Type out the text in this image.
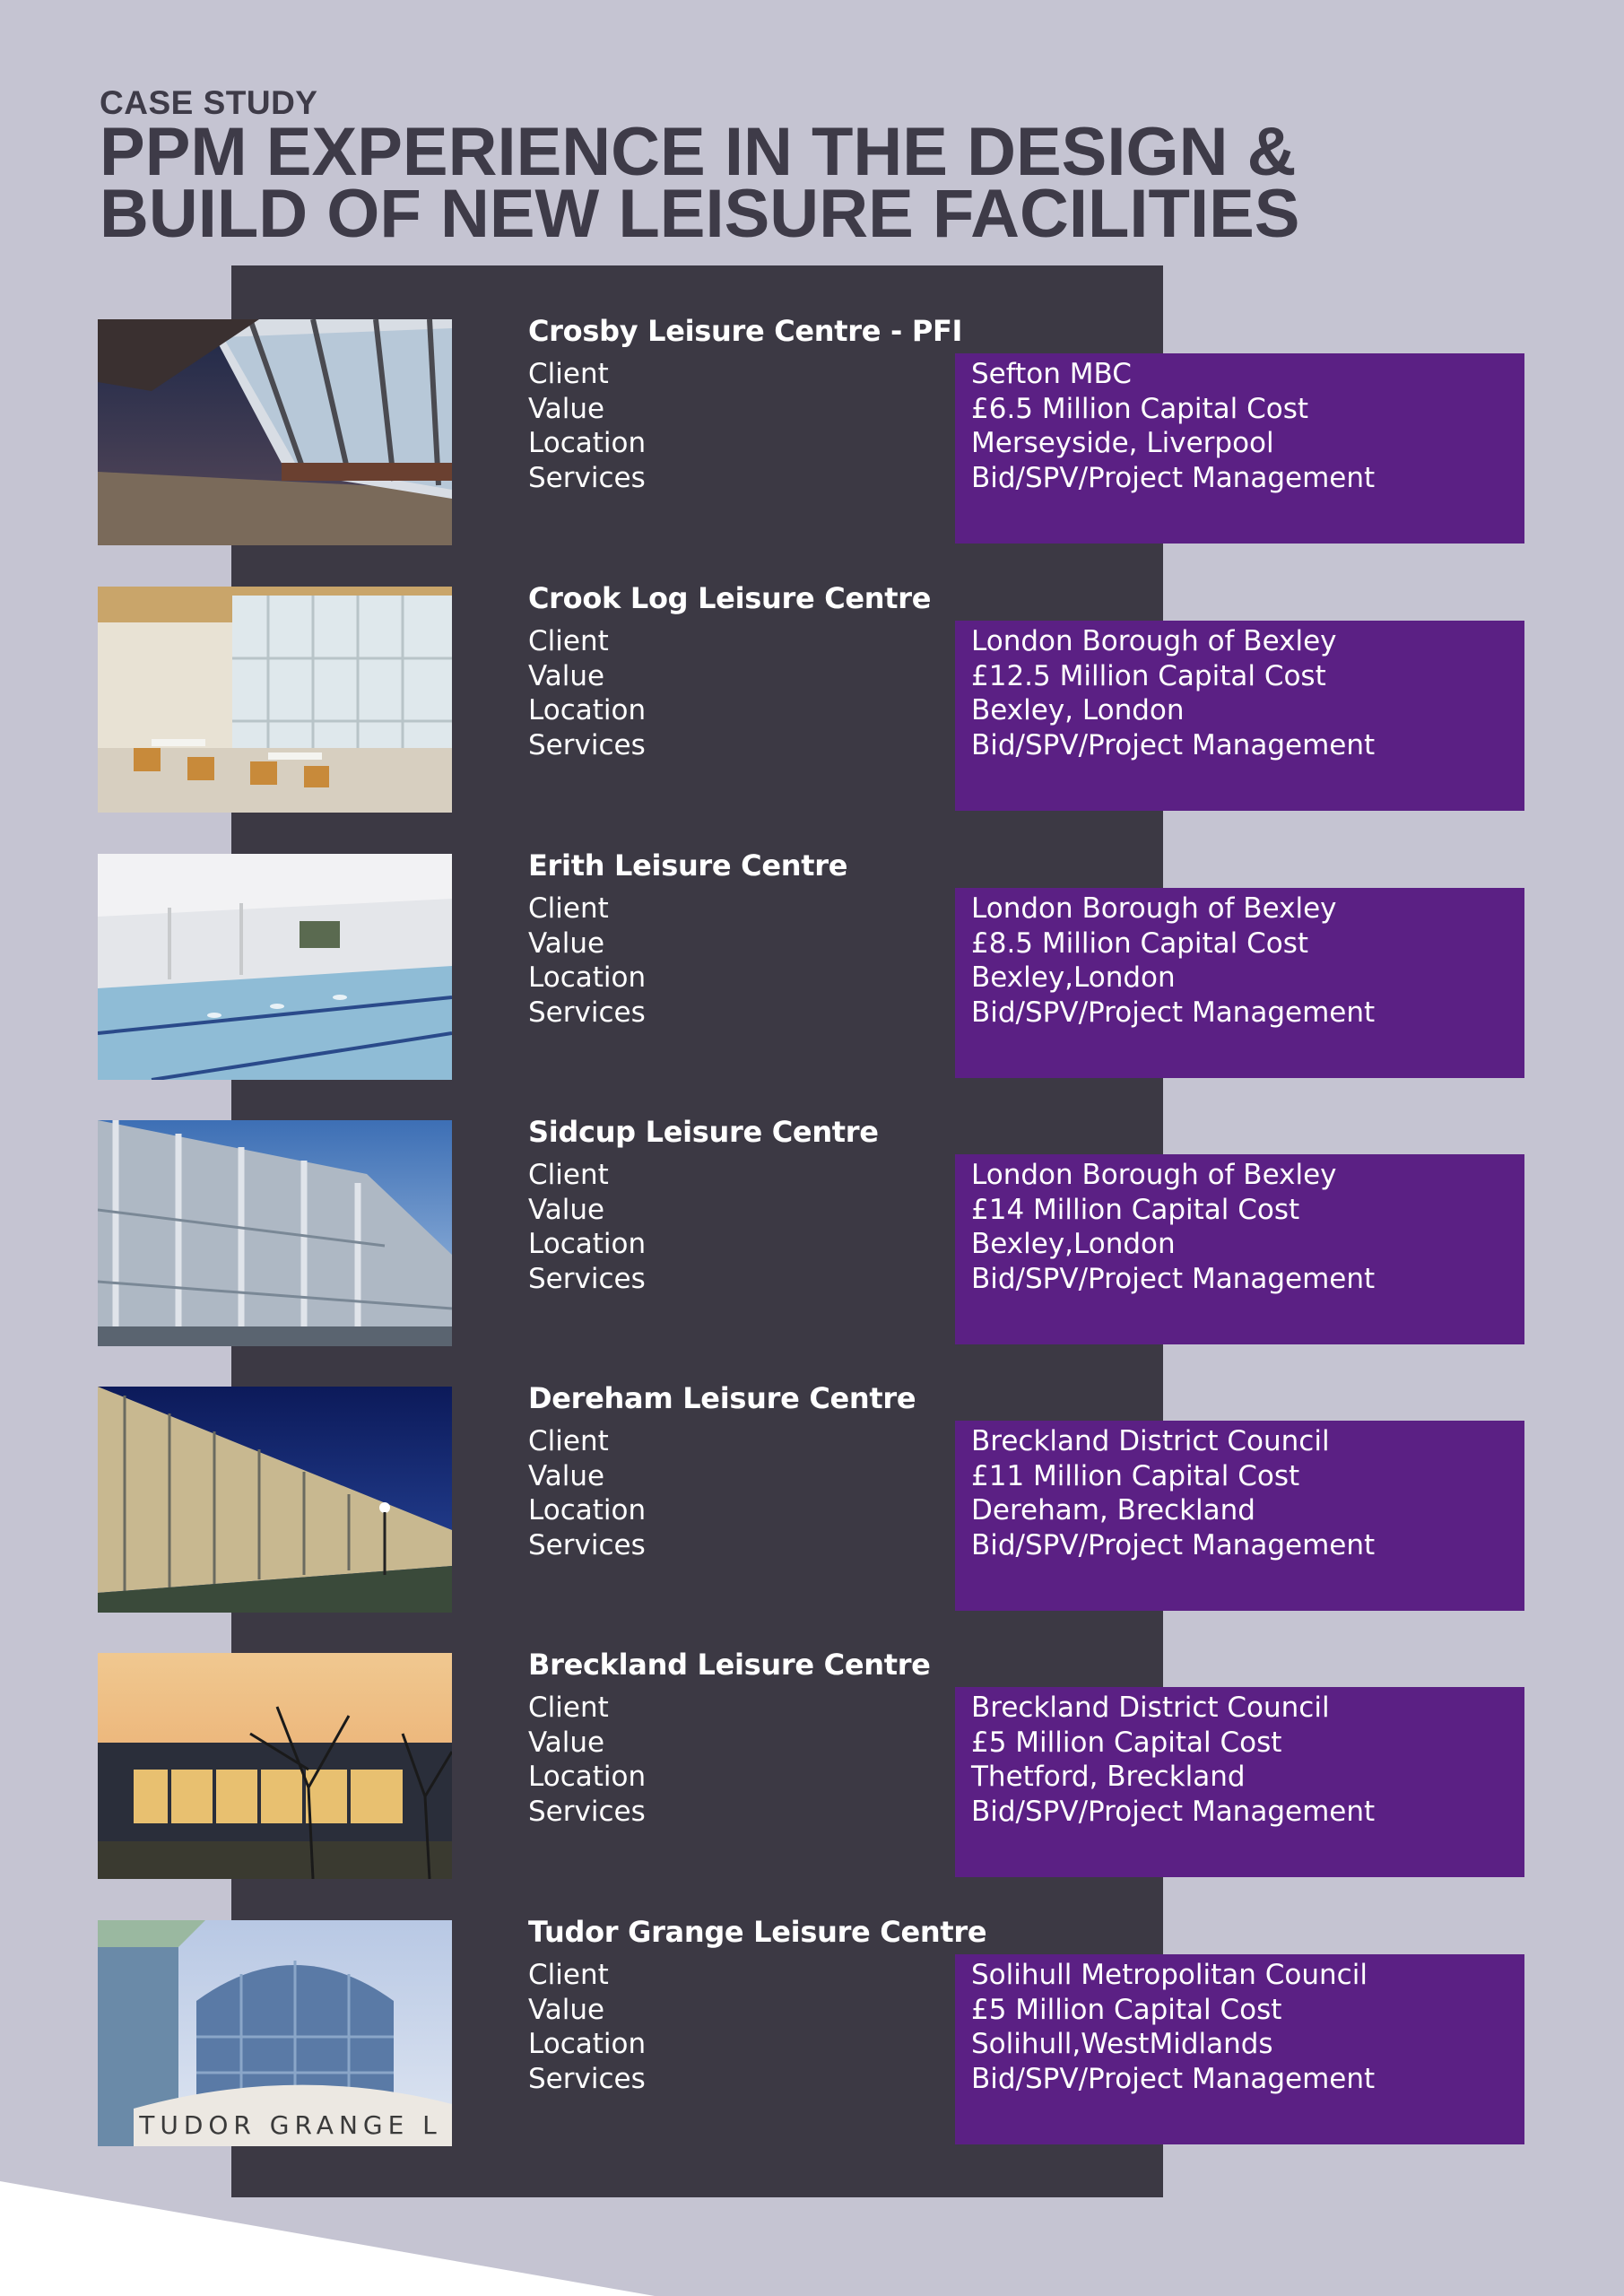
CASE STUDY
PPM EXPERIENCE IN THE DESIGN &
BUILD OF NEW LEISURE FACILITIES
Crosby Leisure Centre - PFI
Client
Value
Location
Services
Sefton MBC
£6.5 Million Capital Cost
Merseyside, Liverpool
Bid/SPV/Project Management
Crook Log Leisure Centre
Client
Value
Location
Services
London Borough of Bexley
£12.5 Million Capital Cost
Bexley, London
Bid/SPV/Project Management
Erith Leisure Centre
Client
Value
Location
Services
London Borough of Bexley
£8.5 Million Capital Cost
Bexley,London
Bid/SPV/Project Management
Sidcup Leisure Centre
Client
Value
Location
Services
London Borough of Bexley
£14 Million Capital Cost
Bexley,London
Bid/SPV/Project Management
Dereham Leisure Centre
Client
Value
Location
Services
Breckland District Council
£11 Million Capital Cost
Dereham, Breckland
Bid/SPV/Project Management
Breckland Leisure Centre
Client
Value
Location
Services
Breckland District Council
£5 Million Capital Cost
Thetford, Breckland
Bid/SPV/Project Management
TUDOR GRANGE L
Tudor Grange Leisure Centre
Client
Value
Location
Services
Solihull Metropolitan Council
£5 Million Capital Cost
Solihull,WestMidlands
Bid/SPV/Project Management
